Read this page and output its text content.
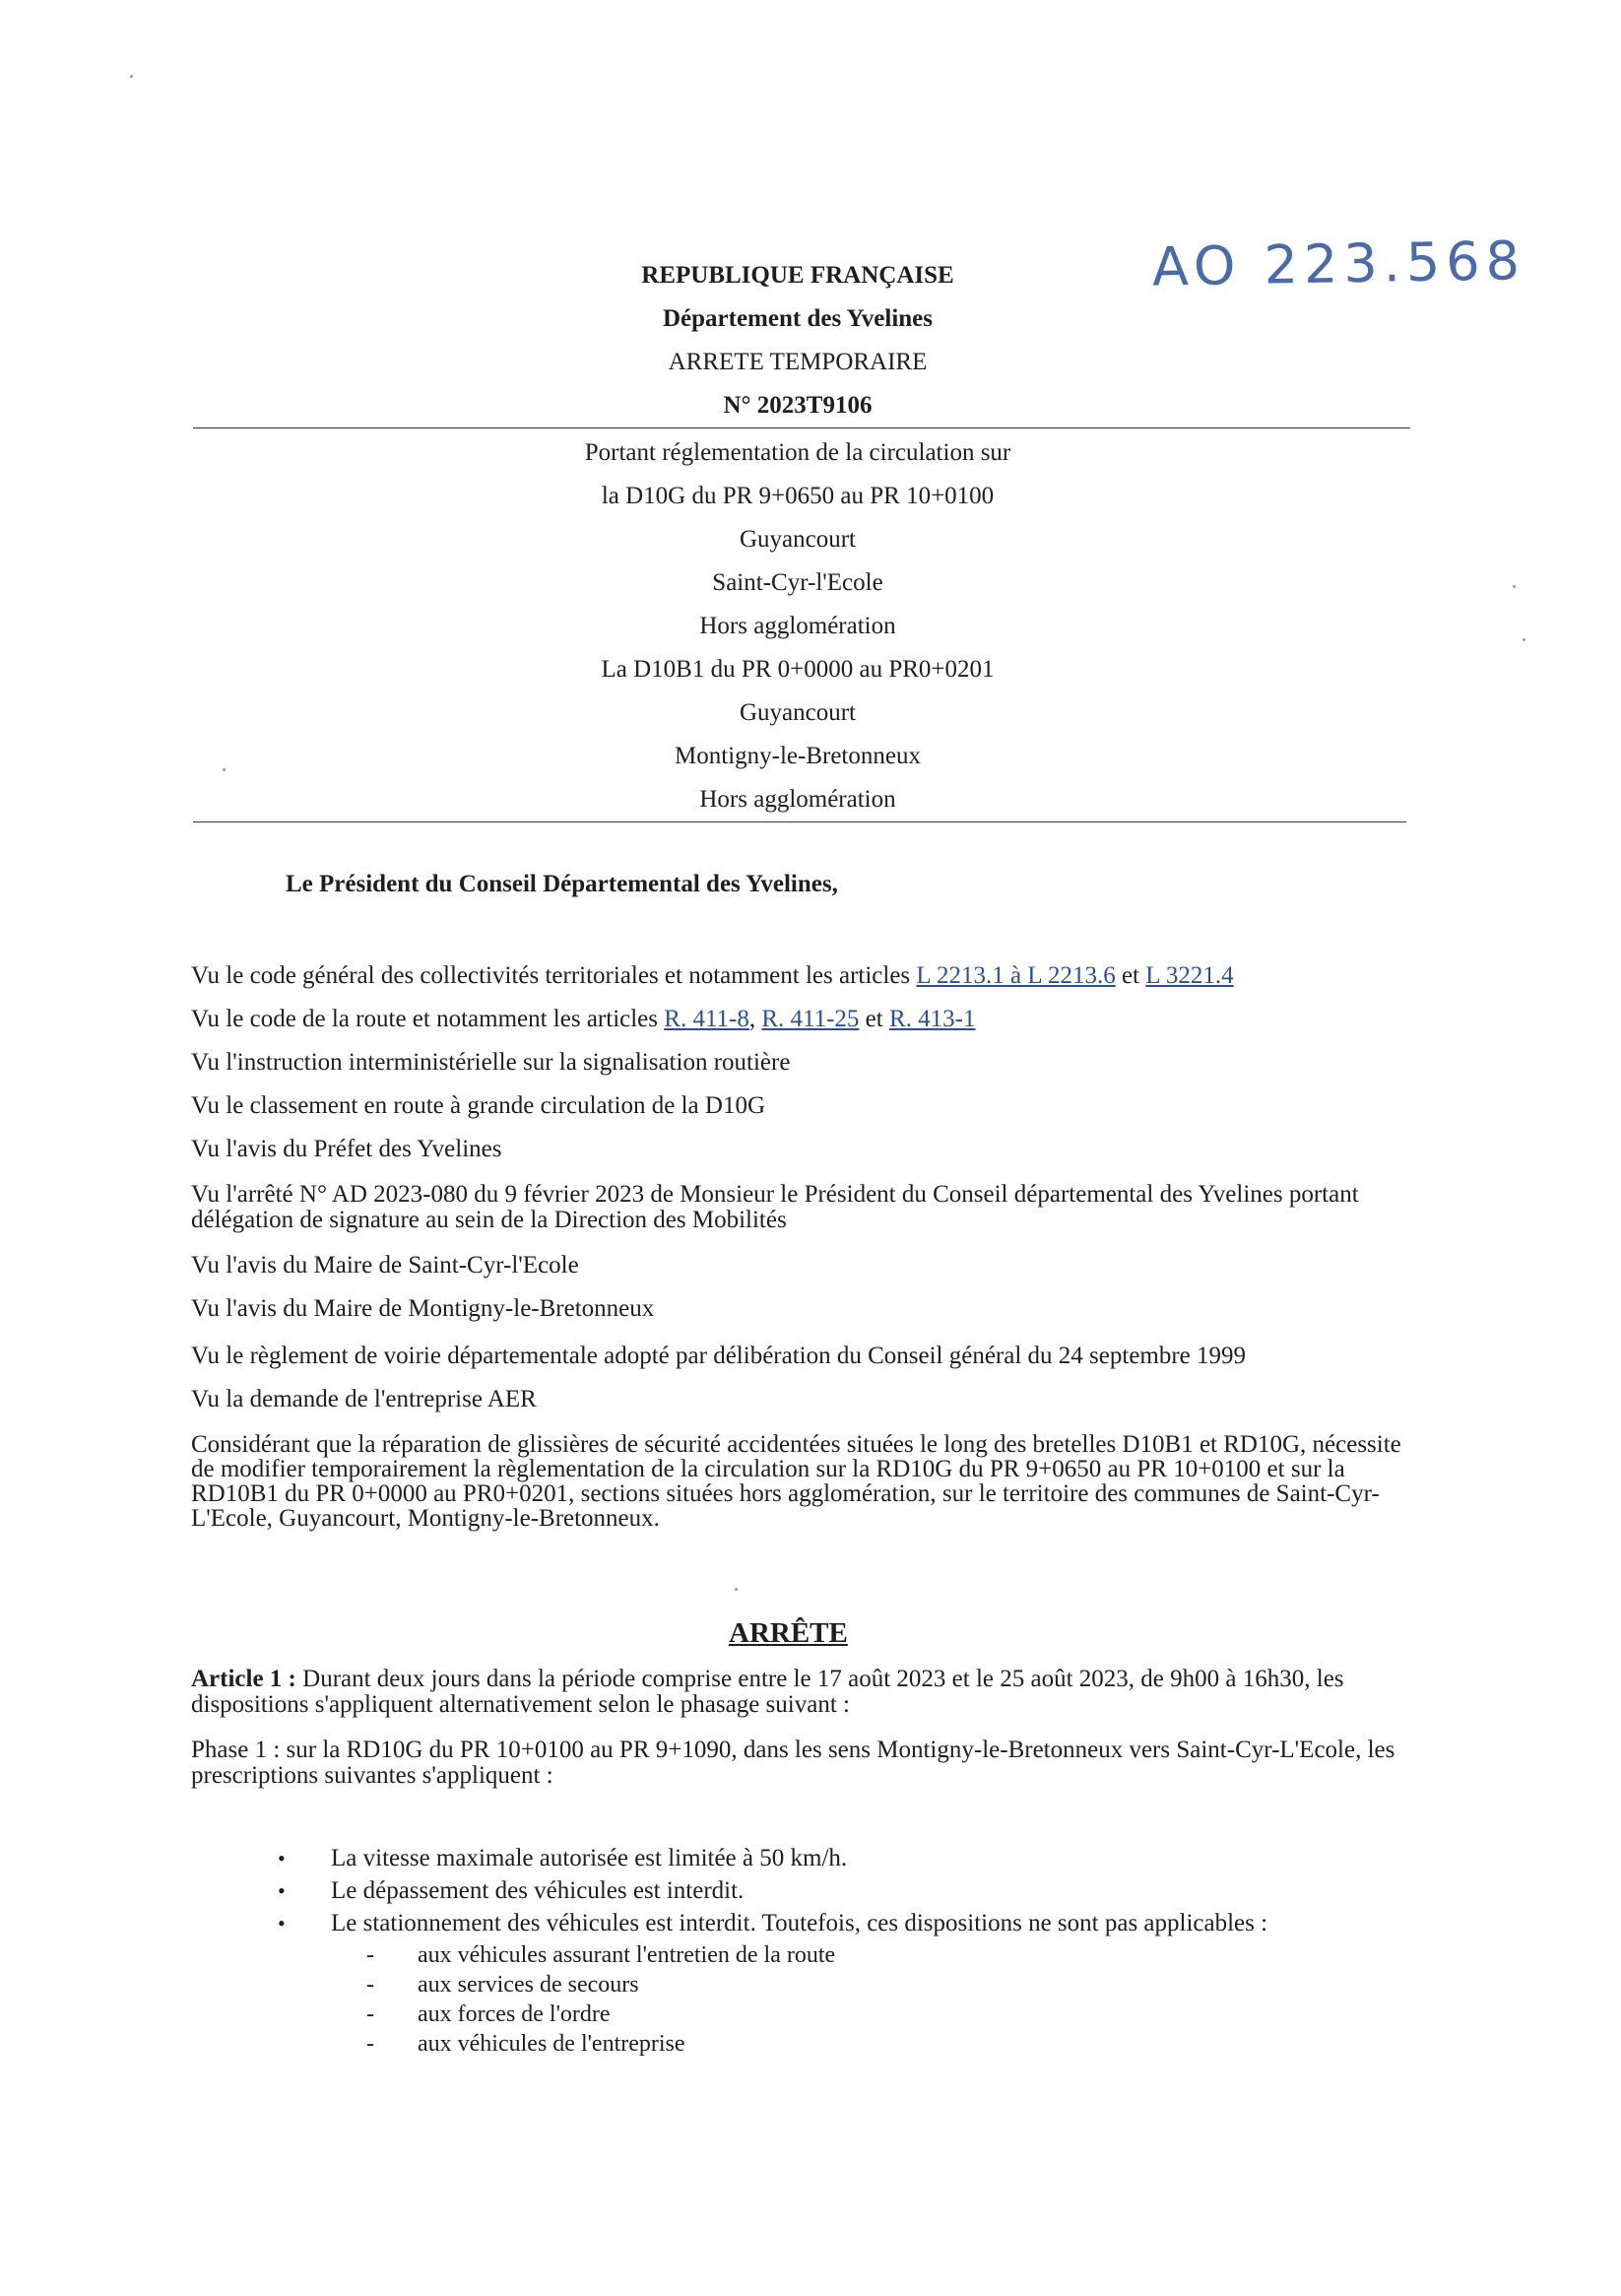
AO 223.568
REPUBLIQUE FRANÇAISE
Département des Yvelines
ARRETE TEMPORAIRE
N° 2023T9106
Portant réglementation de la circulation sur
la D10G du PR 9+0650 au PR 10+0100
Guyancourt
Saint-Cyr-l'Ecole
Hors agglomération
La D10B1 du PR 0+0000 au PR0+0201
Guyancourt
Montigny-le-Bretonneux
Hors agglomération
Le Président du Conseil Départemental des Yvelines,
Vu le code général des collectivités territoriales et notamment les articles L 2213.1 à L 2213.6 et L 3221.4
Vu le code de la route et notamment les articles R. 411-8, R. 411-25 et R. 413-1
Vu l'instruction interministérielle sur la signalisation routière
Vu le classement en route à grande circulation de la D10G
Vu l'avis du Préfet des Yvelines
Vu l'arrêté N° AD 2023-080 du 9 février 2023 de Monsieur le Président du Conseil départemental des Yvelines portant délégation de signature au sein de la Direction des Mobilités
Vu l'avis du Maire de Saint-Cyr-l'Ecole
Vu l'avis du Maire de Montigny-le-Bretonneux
Vu le règlement de voirie départementale adopté par délibération du Conseil général du 24 septembre 1999
Vu la demande de l'entreprise AER
Considérant que la réparation de glissières de sécurité accidentées situées le long des bretelles D10B1 et RD10G, nécessite de modifier temporairement la règlementation de la circulation sur la RD10G du PR 9+0650 au PR 10+0100 et sur la RD10B1 du PR 0+0000 au PR0+0201, sections situées hors agglomération, sur le territoire des communes de Saint-Cyr-L'Ecole, Guyancourt, Montigny-le-Bretonneux.
ARRÊTE
Article 1 : Durant deux jours dans la période comprise entre le 17 août 2023 et le 25 août 2023, de 9h00 à 16h30, les dispositions s'appliquent alternativement selon le phasage suivant :
Phase 1 : sur la RD10G du PR 10+0100 au PR 9+1090, dans les sens Montigny-le-Bretonneux vers Saint-Cyr-L'Ecole, les prescriptions suivantes s'appliquent :
• La vitesse maximale autorisée est limitée à 50 km/h.
• Le dépassement des véhicules est interdit.
• Le stationnement des véhicules est interdit. Toutefois, ces dispositions ne sont pas applicables :
- aux véhicules assurant l'entretien de la route
- aux services de secours
- aux forces de l'ordre
- aux véhicules de l'entreprise
